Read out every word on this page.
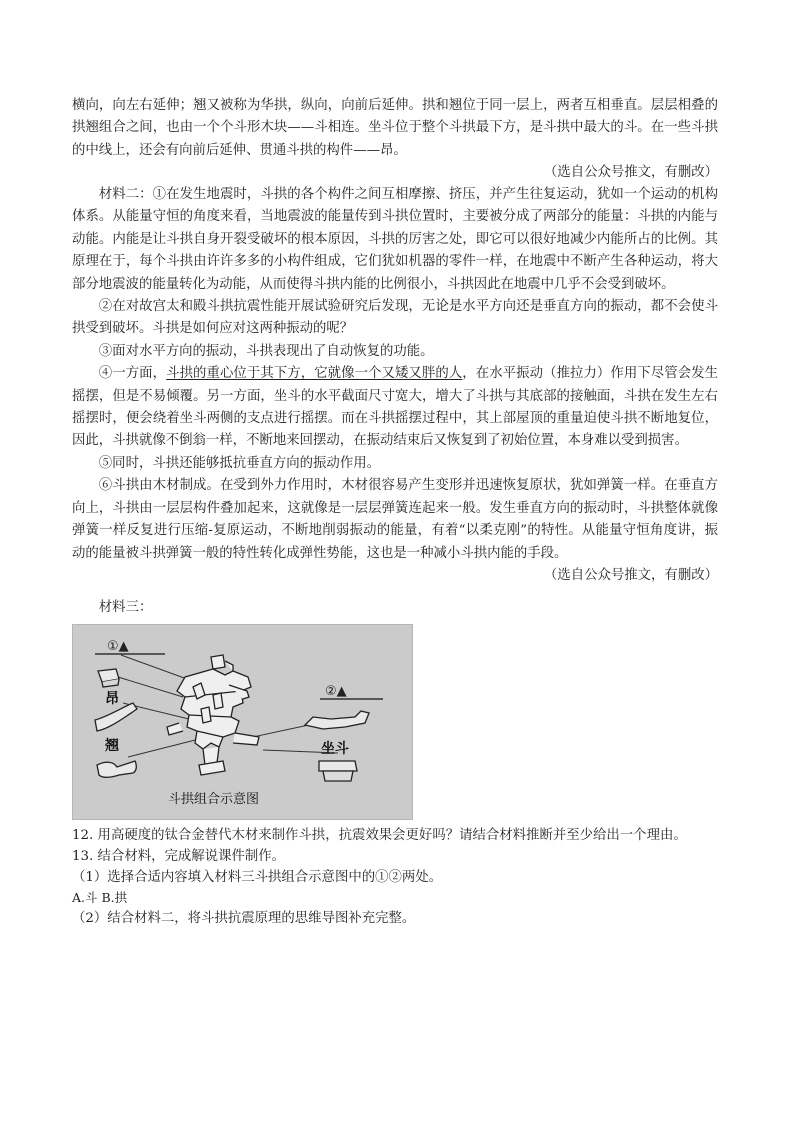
横向，向左右延伸；翘又被称为华拱，纵向，向前后延伸。拱和翘位于同一层上，两者互相垂直。层层相叠的拱翘组合之间，也由一个个斗形木块——斗相连。坐斗位于整个斗拱最下方，是斗拱中最大的斗。在一些斗拱的中线上，还会有向前后延伸、贯通斗拱的构件——昂。

（选自公众号推文，有删改）

材料二：①在发生地震时，斗拱的各个构件之间互相摩擦、挤压，并产生往复运动，犹如一个运动的机构体系。从能量守恒的角度来看，当地震波的能量传到斗拱位置时，主要被分成了两部分的能量：斗拱的内能与动能。内能是让斗拱自身开裂受破坏的根本原因，斗拱的厉害之处，即它可以很好地减少内能所占的比例。其原理在于，每个斗拱由许许多多的小构件组成，它们犹如机器的零件一样，在地震中不断产生各种运动，将大部分地震波的能量转化为动能，从而使得斗拱内能的比例很小，斗拱因此在地震中几乎不会受到破坏。

②在对故宫太和殿斗拱抗震性能开展试验研究后发现，无论是水平方向还是垂直方向的振动，都不会使斗拱受到破坏。斗拱是如何应对这两种振动的呢？

③面对水平方向的振动，斗拱表现出了自动恢复的功能。

④一方面，斗拱的重心位于其下方，它就像一个又矮又胖的人，在水平振动（推拉力）作用下尽管会发生摇摆，但是不易倾覆。另一方面，坐斗的水平截面尺寸宽大，增大了斗拱与其底部的接触面，斗拱在发生左右摇摆时，便会绕着坐斗两侧的支点进行摇摆。而在斗拱摇摆过程中，其上部屋顶的重量迫使斗拱不断地复位，因此，斗拱就像不倒翁一样，不断地来回摆动，在振动结束后又恢复到了初始位置，本身难以受到损害。

⑤同时，斗拱还能够抵抗垂直方向的振动作用。

⑥斗拱由木材制成。在受到外力作用时，木材很容易产生变形并迅速恢复原状，犹如弹簧一样。在垂直方向上，斗拱由一层层构件叠加起来，这就像是一层层弹簧连起来一般。发生垂直方向的振动时，斗拱整体就像弹簧一样反复进行压缩-复原运动，不断地削弱振动的能量，有着“以柔克刚”的特性。从能量守恒角度讲，振动的能量被斗拱弹簧一般的特性转化成弹性势能，这也是一种减小斗拱内能的手段。

（选自公众号推文，有删改）

材料三：

①▲
②▲
昂
翘	坐斗
斗拱组合示意图

12. 用高硬度的钛合金替代木材来制作斗拱，抗震效果会更好吗？请结合材料推断并至少给出一个理由。

13. 结合材料，完成解说课件制作。

（1）选择合适内容填入材料三斗拱组合示意图中的①②两处。

A.斗 B.拱

（2）结合材料二，将斗拱抗震原理的思维导图补充完整。
